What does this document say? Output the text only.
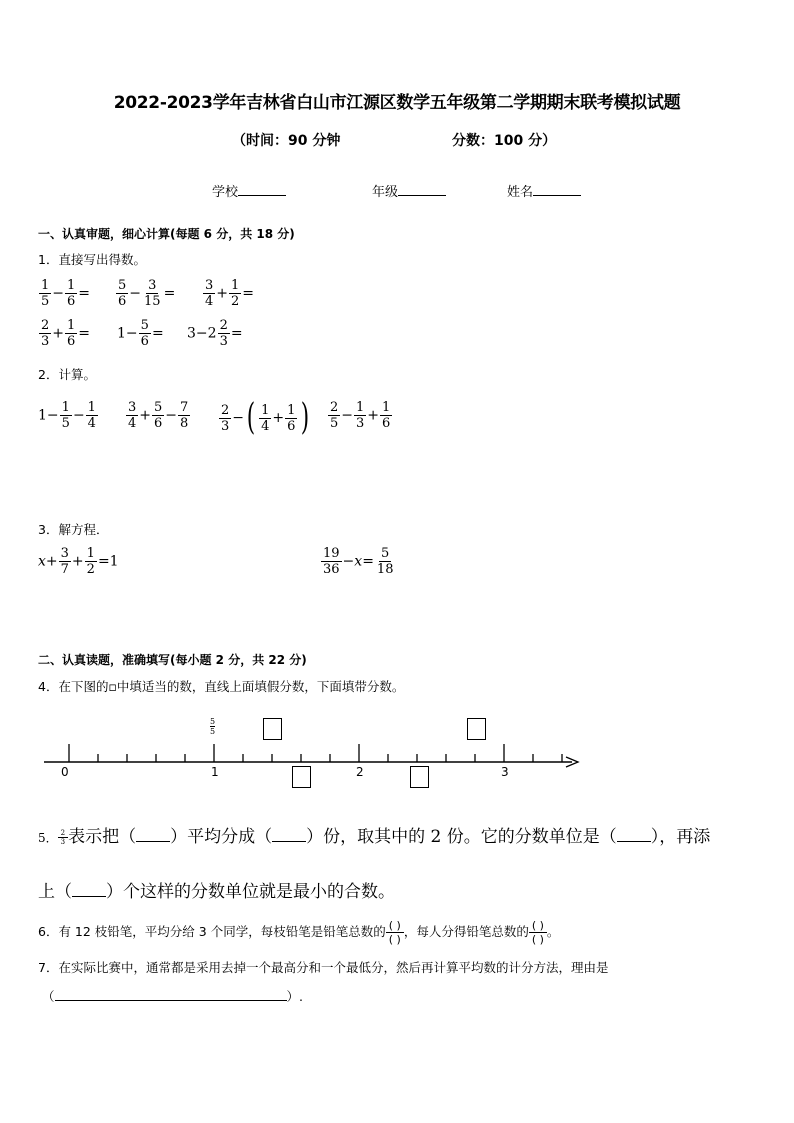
2022-2023学年吉林省白山市江源区数学五年级第二学期期末联考模拟试题
（时间：90 分钟	分数：100 分）
学校	年级	姓名
一、认真审题，细心计算(每题 6 分，共 18 分)
1．直接写出得数。
$\frac{1}{5} - \frac{1}{6} = \frac{5}{6} - \frac{3}{15} = \frac{3}{4} + \frac{1}{2}$ =
$\frac{2}{3} + \frac{1}{6} = 1- \frac{5}{6} = 3-2 \frac{2}{3}$ =
2．计算。
$1- \frac{1}{5} - \frac{1}{4} \frac{3}{4} + \frac{5}{6} - \frac{7}{8} \frac{2}{3}$ −( $\frac{1}{4} + \frac{1}{6}$ ) $\frac{2}{5} - \frac{1}{3} + \frac{1}{6}$
3．解方程．
$x+ \frac{3}{7} + \frac{1}{2} =1$	$\frac{19}{36} -x= \frac{5}{18}$
二、认真读题，准确填写(每小题 2 分，共 22 分)
4．在下图的▫中填适当的数，直线上面填假分数，下面填带分数。
0	1	2	3
5
5
5． $\frac{2}{3}$ 表示把（ ）平均分成（ ）份，取其中的 2 份。它的分数单位是（ ），再添
上（ ）个这样的分数单位就是最小的合数。
6．有 12 枝铅笔，平均分给 3 个同学，每枝铅笔是铅笔总数的 ( )
( )
，每人分得铅笔总数的 ( )
( )
。
7．在实际比赛中，通常都是采用去掉一个最高分和一个最低分，然后再计算平均数的计分方法，理由是
（	）.
